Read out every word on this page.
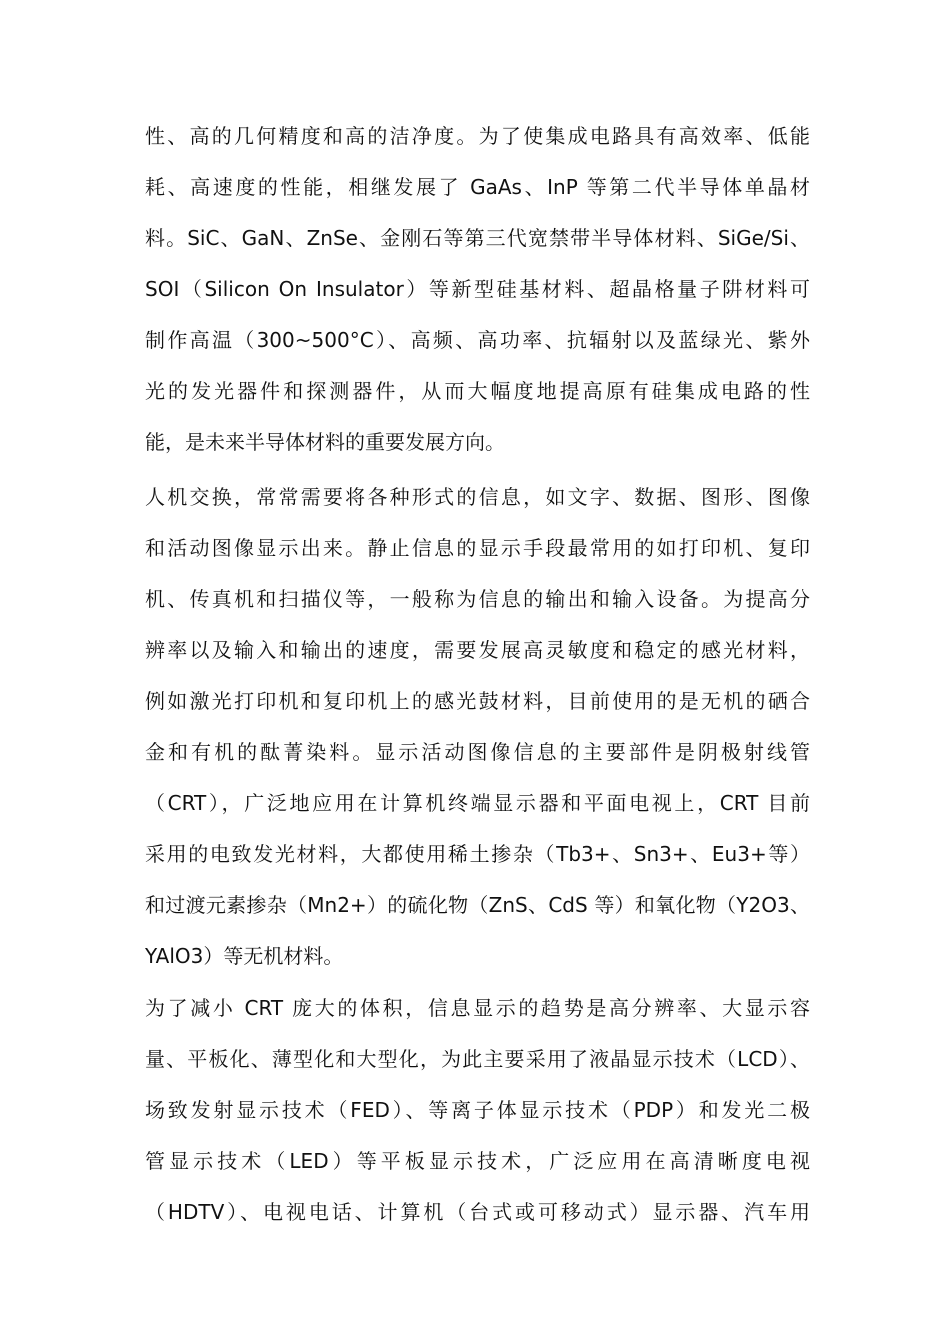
性、高的几何精度和高的洁净度。为了使集成电路具有高效率、低能
耗、高速度的性能，相继发展了 GaAs、InP 等第二代半导体单晶材
料。SiC、GaN、ZnSe、金刚石等第三代宽禁带半导体材料、SiGe/Si、
SOI（Silicon On Insulator）等新型硅基材料、超晶格量子阱材料可
制作高温（300~500°C）、高频、高功率、抗辐射以及蓝绿光、紫外
光的发光器件和探测器件，从而大幅度地提高原有硅集成电路的性
能，是未来半导体材料的重要发展方向。
人机交换，常常需要将各种形式的信息，如文字、数据、图形、图像
和活动图像显示出来。静止信息的显示手段最常用的如打印机、复印
机、传真机和扫描仪等，一般称为信息的输出和输入设备。为提高分
辨率以及输入和输出的速度，需要发展高灵敏度和稳定的感光材料，
例如激光打印机和复印机上的感光鼓材料，目前使用的是无机的硒合
金和有机的酞菁染料。显示活动图像信息的主要部件是阴极射线管
（CRT），广泛地应用在计算机终端显示器和平面电视上，CRT 目前
采用的电致发光材料，大都使用稀土掺杂（Tb3+、Sn3+、Eu3+等）
和过渡元素掺杂（Mn2+）的硫化物（ZnS、CdS 等）和氧化物（Y2O3、
YAlO3）等无机材料。
为了减小 CRT 庞大的体积，信息显示的趋势是高分辨率、大显示容
量、平板化、薄型化和大型化，为此主要采用了液晶显示技术（LCD）、
场致发射显示技术（FED）、等离子体显示技术（PDP）和发光二极
管显示技术（LED）等平板显示技术，广泛应用在高清晰度电视
（HDTV）、电视电话、计算机（台式或可移动式）显示器、汽车用
